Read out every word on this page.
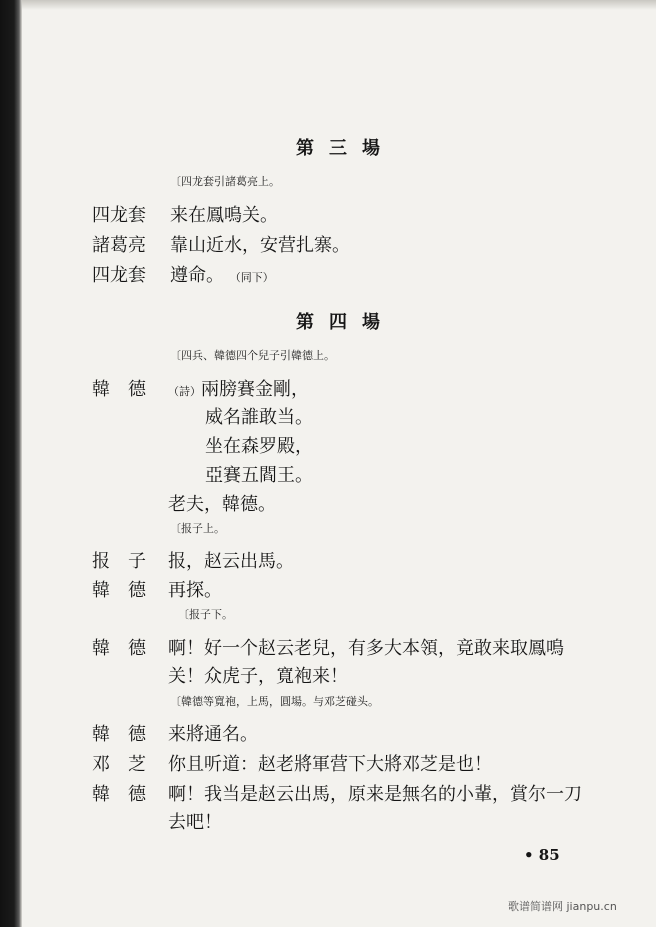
第三場
〔四龙套引諸葛亮上。
四龙套 来在鳳鳴关。
諸葛亮 靠山近水，安营扎寨。
四龙套 遵命。 （同下）
第四場
〔四兵、韓德四个兒子引韓德上。
韓　德 （詩）兩膀賽金剛，
威名誰敢当。
坐在森罗殿，
亞賽五閻王。
老夫，韓德。
〔报子上。
报　子 报，赵云出馬。
韓　德 再探。
〔报子下。
韓　德 啊！好一个赵云老兒，有多大本領，竟敢来取鳳鳴
关！众虎子，寬袍来！
〔韓德等寬袍，上馬，圓場。与邓芝碰头。
韓　德 来將通名。
邓　芝 你且听道：赵老將軍营下大將邓芝是也！
韓　德 啊！我当是赵云出馬，原来是無名的小輩，賞尔一刀
去吧！
• 85
歌谱简谱网 jianpu.cn
